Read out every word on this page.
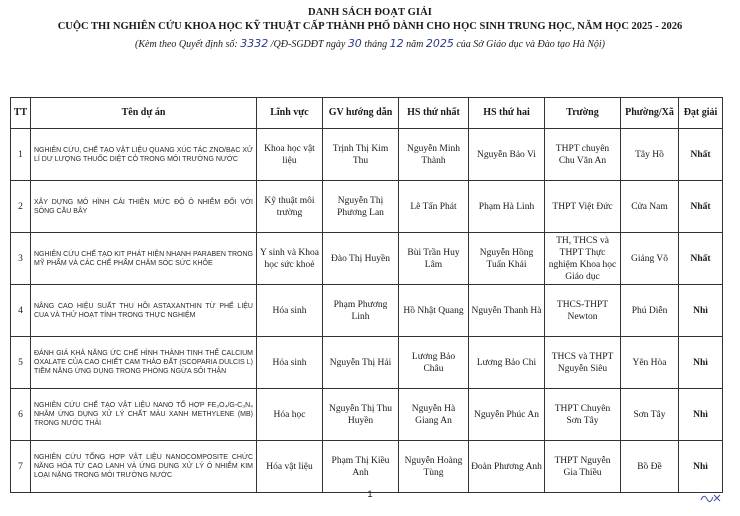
DANH SÁCH ĐOẠT GIẢI
CUỘC THI NGHIÊN CỨU KHOA HỌC KỸ THUẬT CẤP THÀNH PHỐ DÀNH CHO HỌC SINH TRUNG HỌC, NĂM HỌC 2025 - 2026
(Kèm theo Quyết định số: 3332 /QĐ-SGDĐT ngày 30 tháng 12 năm 2025 của Sở Giáo dục và Đào tạo Hà Nội)
TT	Tên dự án	Lĩnh vực	GV hướng dẫn	HS thứ nhất	HS thứ hai	Trường	Phường/Xã	Đạt giải
1	NGHIÊN CỨU, CHẾ TẠO VẬT LIỆU QUANG XÚC TÁC ZNO/BẠC XỬ LÍ DƯ LƯỢNG THUỐC DIỆT CỎ TRONG MÔI TRƯỜNG NƯỚC	Khoa học vật liệu	Trịnh Thị Kim Thu	Nguyễn Minh Thành	Nguyễn Bảo Vi	THPT chuyên Chu Văn An	Tây Hồ	Nhất
2	XÂY DỰNG MÔ HÌNH CẢI THIỆN MỨC ĐỘ Ô NHIỄM ĐỐI VỚI SÔNG CẦU BÂY	Kỹ thuật môi trường	Nguyễn Thị Phương Lan	Lê Tấn Phát	Phạm Hà Linh	THPT Việt Đức	Cửa Nam	Nhất
3	NGHIÊN CỨU CHẾ TẠO KIT PHÁT HIỆN NHANH PARABEN TRONG MỸ PHẨM VÀ CÁC CHẾ PHẨM CHĂM SÓC SỨC KHỎE	Y sinh và Khoa học sức khoẻ	Đào Thị Huyền	Bùi Trần Huy Lâm	Nguyễn Hồng Tuấn Khải	TH, THCS và THPT Thực nghiệm Khoa học Giáo dục	Giảng Võ	Nhất
4	NÂNG CAO HIỆU SUẤT THU HỒI ASTAXANTHIN TỪ PHẾ LIỆU CUA VÀ THỬ HOẠT TÍNH TRONG THỰC NGHIỆM	Hóa sinh	Phạm Phương Linh	Hồ Nhật Quang	Nguyễn Thanh Hà	THCS-THPT Newton	Phú Diễn	Nhì
5	ĐÁNH GIÁ KHẢ NĂNG ỨC CHẾ HÌNH THÀNH TINH THỂ CALCIUM OXALATE CỦA CAO CHIẾT CAM THẢO ĐẤT (SCOPARIA DULCIS L) TIỀM NĂNG ỨNG DỤNG TRONG PHÒNG NGỪA SỎI THẬN	Hóa sinh	Nguyễn Thị Hải	Lương Bảo Châu	Lương Bảo Chi	THCS và THPT Nguyễn Siêu	Yên Hòa	Nhì
6	NGHIÊN CỨU CHẾ TẠO VẬT LIỆU NANO TỔ HỢP FE₃O₄/G-C₃N₄ NHẰM ỨNG DỤNG XỬ LÝ CHẤT MÀU XANH METHYLENE (MB) TRONG NƯỚC THẢI	Hóa học	Nguyễn Thị Thu Huyền	Nguyễn Hà Giang An	Nguyễn Phúc An	THPT Chuyên Sơn Tây	Sơn Tây	Nhì
7	NGHIÊN CỨU TỔNG HỢP VẬT LIỆU NANOCOMPOSITE CHỨC NĂNG HÓA TỪ CAO LANH VÀ ỨNG DỤNG XỬ LÝ Ô NHIỄM KIM LOẠI NẶNG TRONG MÔI TRƯỜNG NƯỚC	Hóa vật liệu	Phạm Thị Kiều Anh	Nguyễn Hoàng Tùng	Đoàn Phương Anh	THPT Nguyễn Gia Thiều	Bồ Đề	Nhì
1
